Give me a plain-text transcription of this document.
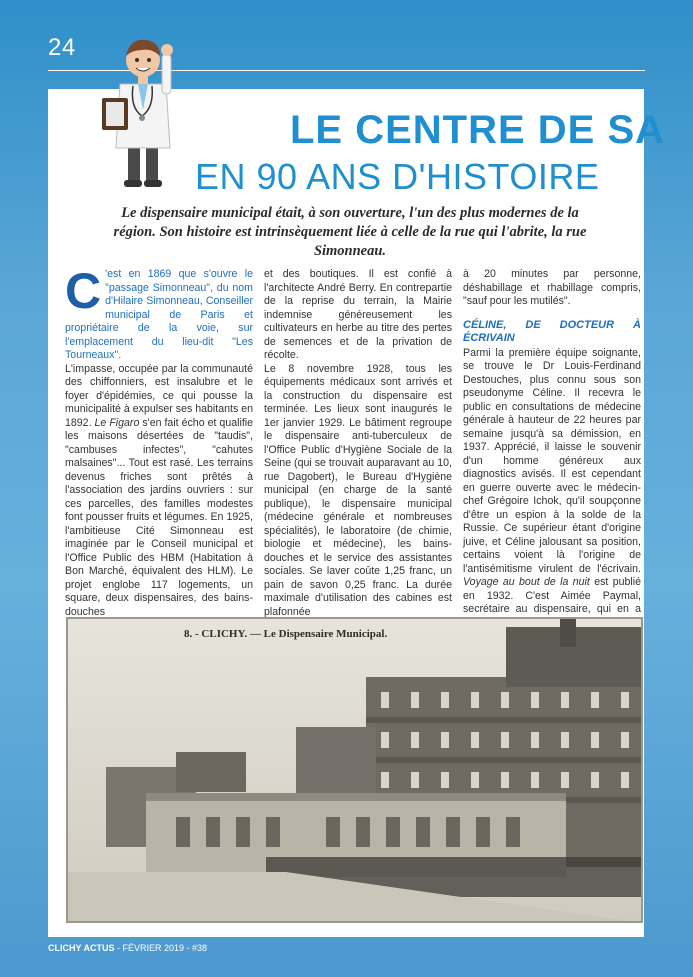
24
LE CENTRE DE SA
EN 90 ANS D'HISTOIRE
Le dispensaire municipal était, à son ouverture, l'un des plus modernes de la région. Son histoire est intrinsèquement liée à celle de la rue qui l'abrite, la rue Simonneau.

C 'est en 1869 que s'ouvre le "passage Simonneau", du nom d'Hilaire Simonneau, Conseiller municipal de Paris et propriétaire de la voie, sur l'emplacement du lieu-dit "Les Tourneaux".

L'impasse, occupée par la communauté des chiffonniers, est insalubre et le foyer d'épidémies, ce qui pousse la municipalité à expulser ses habitants en 1892. Le Figaro s'en fait écho et qualifie les maisons désertées de "taudis", "cambuses infectes", "cahutes malsaines"... Tout est rasé. Les terrains devenus friches sont prêtés à l'association des jardins ouvriers : sur ces parcelles, des familles modestes font pousser fruits et légumes. En 1925, l'ambitieuse Cité Simonneau est imaginée par le Conseil municipal et l'Office Public des HBM (Habitation à Bon Marché, équivalent des HLM). Le projet englobe 117 logements, un square, deux dispensaires, des bains-douches

et des boutiques. Il est confié à l'architecte André Berry. En contrepartie de la reprise du terrain, la Mairie indemnise généreusement les cultivateurs en herbe au titre des pertes de semences et de la privation de récolte.

Le 8 novembre 1928, tous les équipements médicaux sont arrivés et la construction du dispensaire est terminée. Les lieux sont inaugurés le 1er janvier 1929. Le bâtiment regroupe le dispensaire anti-tuberculeux de l'Office Public d'Hygiène Sociale de la Seine (qui se trouvait auparavant au 10, rue Dagobert), le Bureau d'Hygiène municipal (en charge de la santé publique), le dispensaire municipal (médecine générale et nombreuses spécialités), le laboratoire (de chimie, biologie et médecine), les bains-douches et le service des assistantes sociales. Se laver coûte 1,25 franc, un pain de savon 0,25 franc. La durée maximale d'utilisation des cabines est plafonnée

à 20 minutes par personne, déshabillage et rhabillage compris, "sauf pour les mutilés".

CÉLINE, DE DOCTEUR À ÉCRIVAIN

Parmi la première équipe soignante, se trouve le Dr Louis-Ferdinand Destouches, plus connu sous son pseudonyme Céline. Il recevra le public en consultations de médecine générale à hauteur de 22 heures par semaine jusqu'à sa démission, en 1937. Apprécié, il laisse le souvenir d'un homme généreux aux diagnostics avisés. Il est cependant en guerre ouverte avec le médecin-chef Grégoire Ichok, qu'il soupçonne d'être un espion à la solde de la Russie. Ce supérieur étant d'origine juive, et Céline jalousant sa position, certains voient là l'origine de l'antisémitisme virulent de l'écrivain. Voyage au bout de la nuit est publié en 1932. C'est Aimée Paymal, secrétaire au dispensaire, qui en a

8. - CLICHY. — Le Dispensaire Municipal.
CLICHY ACTUS - FÉVRIER 2019 - #38
